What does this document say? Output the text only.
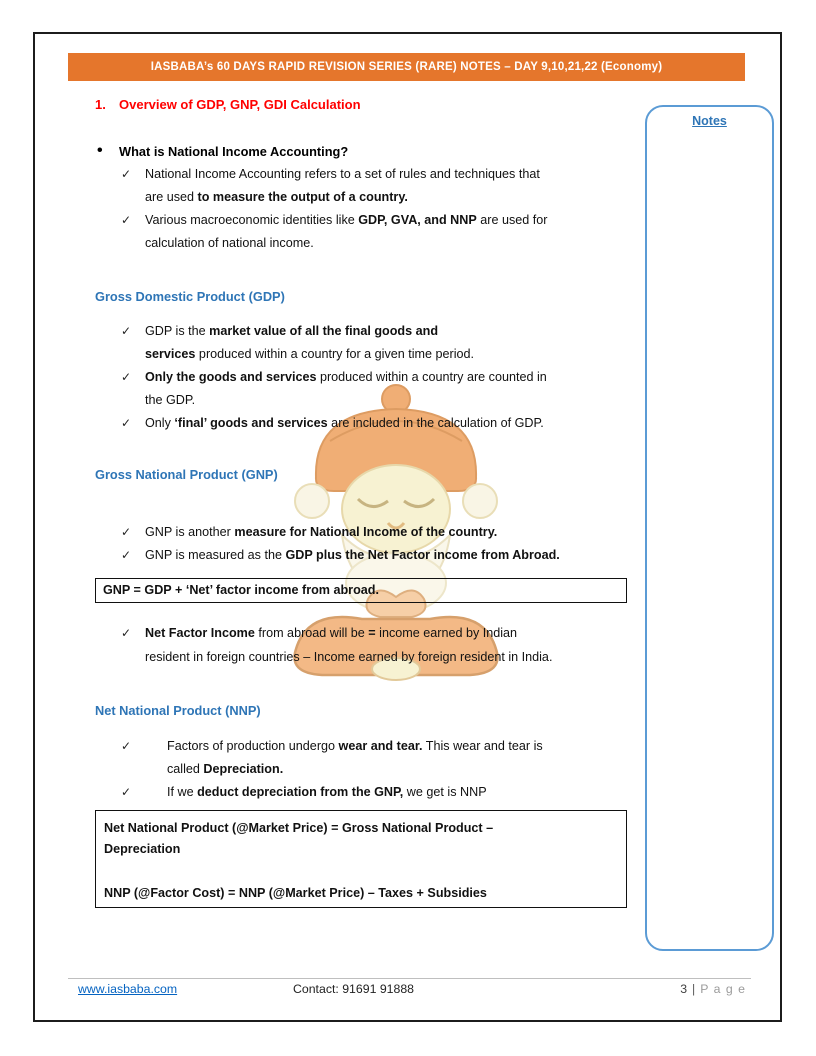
IASBABA’s 60 DAYS RAPID REVISION SERIES (RARE) NOTES – DAY 9,10,21,22 (Economy)
1.	Overview of GDP, GNP, GDI Calculation
Notes
• What is National Income Accounting?
✓ National Income Accounting refers to a set of rules and techniques that
are used to measure the output of a country.
✓ Various macroeconomic identities like GDP, GVA, and NNP are used for
calculation of national income.
Gross Domestic Product (GDP)
✓ GDP is the market value of all the final goods and
services produced within a country for a given time period.
✓ Only the goods and services produced within a country are counted in
the GDP.
✓ Only ‘final’ goods and services are included in the calculation of GDP.
Gross National Product (GNP)
✓ GNP is another measure for National Income of the country.
✓ GNP is measured as the GDP plus the Net Factor income from Abroad.
GNP = GDP + ‘Net’ factor income from abroad.
✓ Net Factor Income from abroad will be = income earned by Indian
resident in foreign countries – Income earned by foreign resident in India.
Net National Product (NNP)
✓ Factors of production undergo wear and tear. This wear and tear is
called Depreciation.
✓ If we deduct depreciation from the GNP, we get is NNP

Net National Product (@Market Price) = Gross National Product –
Depreciation

NNP (@Factor Cost) = NNP (@Market Price) – Taxes + Subsidies

www.iasbaba.com	Contact: 91691 91888	3 | P a g e
